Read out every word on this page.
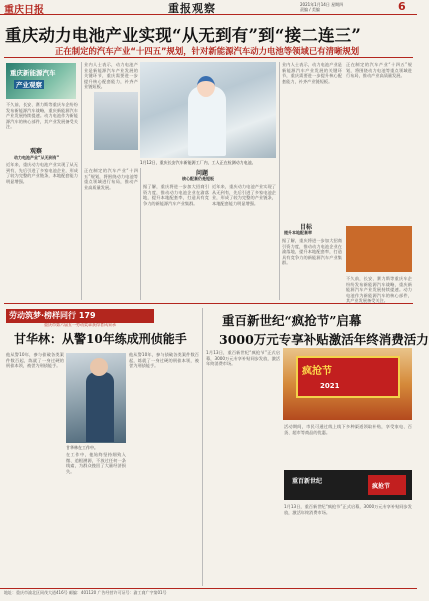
重庆日报	重报观察	2021年1月14日 星期四
责编 / 美编	6
重庆动力电池产业实现“从无到有”到“接二连三”
正在制定的汽车产业“十四五”规划，针对新能源汽车动力电池等领域已有清晰规划
重庆新能源汽车
产业观察
不久前，长安、赛力斯等重庆车企纷纷发布新能源汽车战略，重庆新能源汽车产业发展持续提速。动力电池作为新能源汽车的核心部件，其产业发展备受关注。
观察
动力电池产业“从无到有”
近年来，重庆动力电池产业实现了从无到有，先后引进了多家电池企业，形成了较为完整的产业链条，本地配套能力明显增强。
业内人士表示，动力电池产业是新能源汽车产业发展的关键环节，重庆需要进一步提升核心配套能力，补齐产业链短板。
1月12日，重庆长安汽车新能源工厂内，工人正在检测动力电池。
正在制定的汽车产业“十四五”规划，将围绕动力电池等重点领域进行布局，推动产业高质量发展。
问题
核心配套仍是短板
据了解，重庆将进一步加大招商引资力度，推动动力电池企业在渝落地，提升本地配套率，打造具有竞争力的新能源汽车产业集群。
近年来，重庆动力电池产业实现了从无到有，先后引进了多家电池企业，形成了较为完整的产业链条，本地配套能力明显增强。
业内人士表示，动力电池产业是新能源汽车产业发展的关键环节，重庆需要进一步提升核心配套能力，补齐产业链短板。
正在制定的汽车产业“十四五”规划，将围绕动力电池等重点领域进行布局，推动产业高质量发展。
目标
提升本地配套率
据了解，重庆将进一步加大招商引资力度，推动动力电池企业在渝落地，提升本地配套率，打造具有竞争力的新能源汽车产业集群。
不久前，长安、赛力斯等重庆车企纷纷发布新能源汽车战略，重庆新能源汽车产业发展持续提速。动力电池作为新能源汽车的核心部件，其产业发展备受关注。
劳动筑梦·榜样同行 179
重庆市第六届五一劳动奖章获得者风采录
甘华林：从警10年练成刑侦能手
他从警10年，参与侦破各类案件数百起，练就了一身过硬的刑侦本领，被誉为刑侦能手。
甘华林在工作中。
在工作中，他始终坚持细致入微、追根溯源，不放过任何一条线索，为群众挽回了大量经济损失。
他从警10年，参与侦破各类案件数百起，练就了一身过硬的刑侦本领，被誉为刑侦能手。
重百新世纪“疯抢节”启幕
3000万元专享补贴激活年终消费活力
1月13日，重百新世纪“疯抢节”正式启幕，3000万元专享补贴同步发放，激活年终消费市场。
疯抢节
2021
活动期间，市民可通过线上线下多种渠道领取补贴，享受家电、百货、超市等商品的优惠。
重百新世纪
疯抢节
1月13日，重百新世纪“疯抢节”正式启幕，3000万元专享补贴同步发放，激活年终消费市场。
地址：重庆市渝北区同茂大道416号 邮编：401120 广告经营许可证号：渝工商广字第01号
